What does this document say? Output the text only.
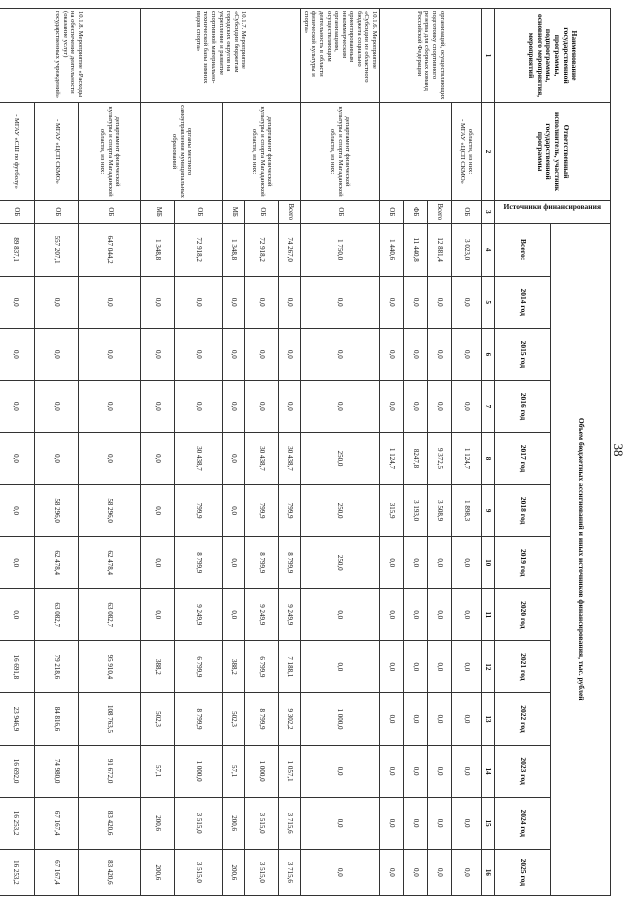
38
Наименование государственной программы, подпрограммы, основного мероприятия, мероприятий	Ответственный исполнитель, участник государственной программы	Источники финансирования	Объем бюджетных ассигнований и иных источников финансирования, тыс. рублей												
			Всего:	2014 год	2015 год	2016 год	2017 год	2018 год	2019 год	2020 год	2021 год	2022 год	2023 год	2024 год	2025 год
1	2	3	4	5	6	7	8	9	10	11	12	13	14	15	16
организаций, осуществляющих подготовку спортивного резерва для сборных команд Российской Федерации	областн, из них:
- МГАУ «ЦСП СКМО»	ОБ	3 023,0	0,0	0,0	0,0	1 124,7	1 898,3	0,0	0,0	0,0	0,0	0,0	0,0	0,0

		Всего	12 881,4	0,0	0,0	0,0	9 372,5	3 508,9	0,0	0,0	0,0	0,0	0,0	0,0	0,0
		ФБ	11 440,8	0,0	0,0	0,0	8247,8	3 193,0	0,0	0,0	0,0	0,0	0,0	0,0	0,0
		ОБ	1 440,6	0,0	0,0	0,0	1 124,7	315,9	0,0	0,0	0,0	0,0	0,0	0,0	0,0
10.1.6. Мероприятие «Субсидии из областного бюджета социально ориентированным некоммерческим организациям, осуществляющим деятельность в области физической культуры и спорта»	департамент физической культуры и спорта Магаданской области, из них:	ОБ	1 750,0	0,0	0,0	0,0	250,0	250,0	250,0	0,0	0,0	1 000,0	0,0	0,0	0,0
10.1.7. Мероприятие «Субсидии бюджетам городских округов на укрепление и развитие спортивной материально-технической базы зимних видов спорта»	департамент физической культуры и спорта Магаданской области, из них:	Всего	74 267,0	0,0	0,0	0,0	30 438,7	799,9	8 799,9	9 249,9	7 188,1	9 302,2	1 057,1	3 715,6	3 715,6
		ОБ	72 918,2	0,0	0,0	0,0	30 438,7	799,9	8 799,9	9 249,9	6 799,9	8 799,9	1 000,0	3 515,0	3 515,0
		МБ	1 348,8	0,0	0,0	0,0	0,0	0,0	0,0	0,0	388,2	502,3	57,1	200,6	200,6

	органы местного самоуправления муниципальных образований	ОБ	72 918,2	0,0	0,0	0,0	30 438,7	799,9	8 799,9	9 249,9	6 799,9	8 799,9	1 000,0	3 515,0	3 515,0
		МБ	1 348,8	0,0	0,0	0,0	0,0	0,0	0,0	0,0	388,2	502,3	57,1	200,6	200,6
10.1.8. Мероприятие «Расходы на обеспечение деятельности (оказание услуг) государственных учреждений»	департамент физической культуры и спорта Магаданской области, из них:	ОБ	647 044,2	0,0	0,0	0,0	0,0	58 296,0	62 478,4	63 082,7	95 910,4	108 763,5	91 672,0	83 420,6	83 420,6

	- МГАУ «ЦСП СКМО»	ОБ	557 207,1	0,0	0,0	0,0	0,0	58 296,0	62 478,4	63 082,7	79 218,6	84 816,6	74 980,0	67 167,4	67 167,4

	- МГАУ «СШ по футболу»	ОБ	89 837,1	0,0	0,0	0,0	0,0	0,0	0,0	0,0	16 691,8	23 946,9	16 692,0	16 253,2	16 253,2
